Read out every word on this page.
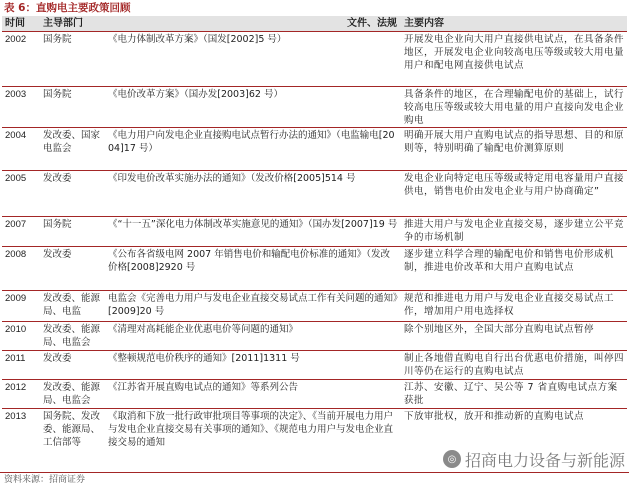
表 6：直购电主要政策回顾
时间	主导部门	文件、法规	主要内容
2002	国务院	《电力体制改革方案》（国发[2002]5 号）	开展发电企业向大用户直接供电试点，在具备条件地区，开展发电企业向较高电压等级或较大用电量用户和配电网直接供电试点
2003	国务院	《电价改革方案》（国办发[2003]62 号）	具备条件的地区，在合理输配电价的基础上，试行较高电压等级或较大用电量的用户直接向发电企业购电
2004	发改委、国家电监会	《电力用户向发电企业直接购电试点暂行办法的通知》（电监输电[2004]17 号）	明确开展大用户直购电试点的指导思想、目的和原则等，特别明确了输配电价测算原则
2005	发改委	《印发电价改革实施办法的通知》（发改价格[2005]514 号	发电企业向特定电压等级或特定用电容量用户直接供电，销售电价由发电企业与用户协商确定”
2007	国务院	《“十一五”深化电力体制改革实施意见的通知》（国办发[2007]19 号	推进大用户与发电企业直接交易，逐步建立公平竞争的市场机制
2008	发改委	《公布各省级电网 2007 年销售电价和输配电价标准的通知》（发改价格[2008]2920 号	逐步建立科学合理的输配电价和销售电价形成机制，推进电价改革和大用户直购电试点
2009	发改委、能源局、电监	电监会《完善电力用户与发电企业直接交易试点工作有关问题的通知》[2009]20 号	规范和推进电力用户与发电企业直接交易试点工作，增加用户用电选择权
2010	发改委、能源局、电监会	《清理对高耗能企业优惠电价等问题的通知》	除个别地区外，全国大部分直购电试点暂停
2011	发改委	《整顿规范电价秩序的通知》[2011]1311 号	制止各地借直购电自行出台优惠电价措施，叫停四川等仍在运行的直购电试点
2012	发改委、能源局、电监会	《江苏省开展直购电试点的通知》等系列公告	江苏、安徽、辽宁、吴公等 7 省直购电试点方案获批
2013	国务院、发改委、能源局、工信部等	《取消和下放一批行政审批项目等事项的决定》、《当前开展电力用户与发电企业直接交易有关事项的通知》、《规范电力用户与发电企业直接交易的通知	下放审批权，放开和推动新的直购电试点
◎ 招商电力设备与新能源
资料来源：招商证券
